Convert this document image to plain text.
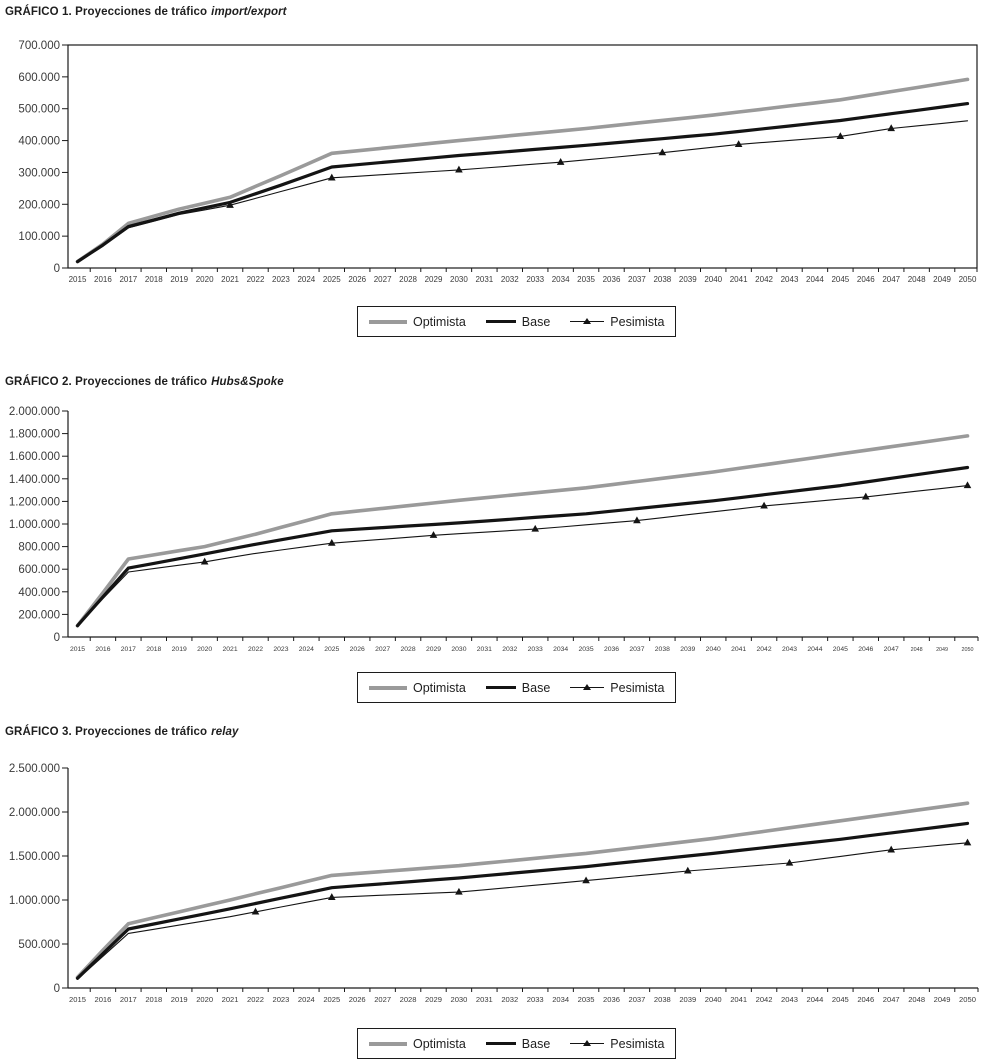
0
100.000
200.000
300.000
400.000
500.000
600.000
700.000
2015 2016 2017 2018 2019 2020 2021 2022 2023 2024 2025 2026 2027 2028 2029 2030 2031 2032 2033 2034 2035 2036 2037 2038 2039 2040 2041 2042 2043 2044 2045 2046 2047 2048 2049 2050
0
200.000
400.000
600.000
800.000
1.000.000
1.200.000
1.400.000
1.600.000
1.800.000
2.000.000
2015 2016 2017 2018 2019 2020 2021 2022 2023 2024 2025 2026 2027 2028 2029 2030 2031 2032 2033 2034 2035 2036 2037 2038 2039 2040 2041 2042 2043 2044 2045 2046 2047 2048 2049 2050
0
500.000
1.000.000
1.500.000
2.000.000
2.500.000
2015 2016 2017 2018 2019 2020 2021 2022 2023 2024 2025 2026 2027 2028 2029 2030 2031 2032 2033 2034 2035 2036 2037 2038 2039 2040 2041 2042 2043 2044 2045 2046 2047 2048 2049 2050
GRÁFICO 1. Proyecciones de tráfico import/export
GRÁFICO 2. Proyecciones de tráfico Hubs&Spoke
GRÁFICO 3. Proyecciones de tráfico relay
Optimista	Base	Pesimista
Optimista	Base	Pesimista
Optimista	Base	Pesimista
